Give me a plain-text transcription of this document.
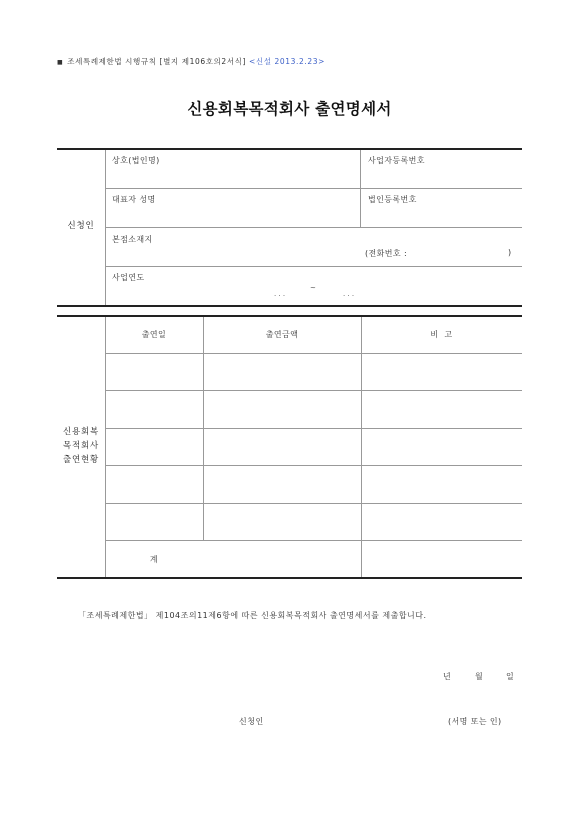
■ 조세특례제한법 시행규칙 [별지 제106호의2서식] <신설 2013.2.23>
신용회복목적회사 출연명세서
신청인
상호(법인명)	사업자등록번호
대표자 성명	법인등록번호
본점소재지
(전화번호 :	)
사업연도
. . .
~
. . .
신용회복
목적회사
출연현황
출연일	출연금액	비  고
계
「조세특례제한법」 제104조의11제6항에 따른 신용회복목적회사 출연명세서를 제출합니다.
년	월	일
신청인	(서명 또는 인)
